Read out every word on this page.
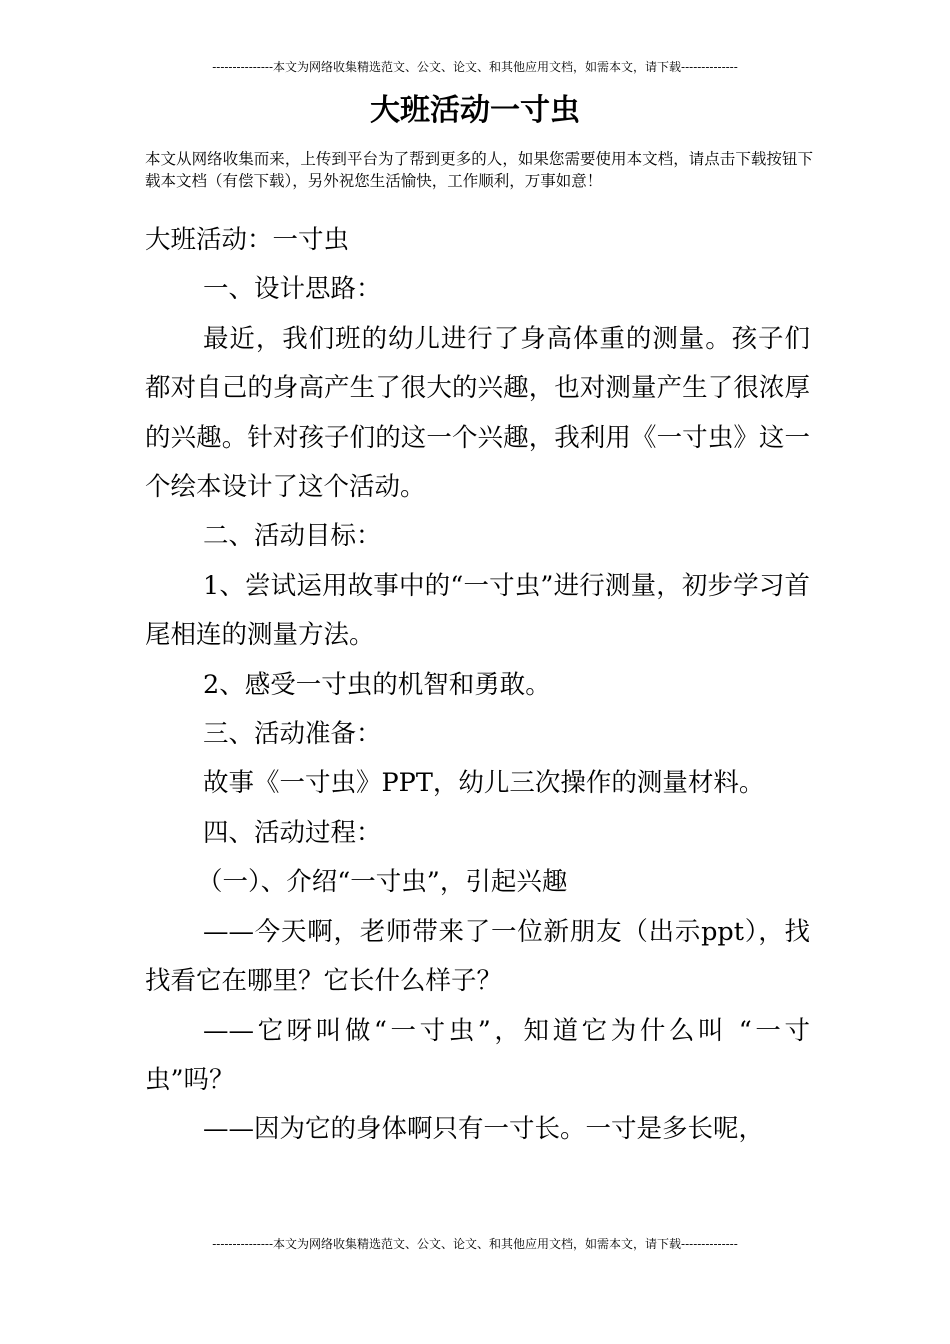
---------------本文为网络收集精选范文、公文、论文、和其他应用文档，如需本文，请下载--------------
大班活动一寸虫
本文从网络收集而来，上传到平台为了帮到更多的人，如果您需要使用本文档，请点击下载按钮下载本文档（有偿下载），另外祝您生活愉快，工作顺利，万事如意！

大班活动：一寸虫

一、设计思路：

最近，我们班的幼儿进行了身高体重的测量。孩子们都对自己的身高产生了很大的兴趣，也对测量产生了很浓厚的兴趣。针对孩子们的这一个兴趣，我利用《一寸虫》这一个绘本设计了这个活动。

二、活动目标：

1、尝试运用故事中的“一寸虫”进行测量，初步学习首尾相连的测量方法。

2、感受一寸虫的机智和勇敢。

三、活动准备：

故事《一寸虫》PPT，幼儿三次操作的测量材料。

四、活动过程：

（一）、介绍“一寸虫”，引起兴趣

——今天啊，老师带来了一位新朋友（出示ppt），找找看它在哪里？它长什么样子？

——它呀叫做“一寸虫”，知道它为什么叫 “一寸虫”吗？

——因为它的身体啊只有一寸长。一寸是多长呢，

---------------本文为网络收集精选范文、公文、论文、和其他应用文档，如需本文，请下载--------------
